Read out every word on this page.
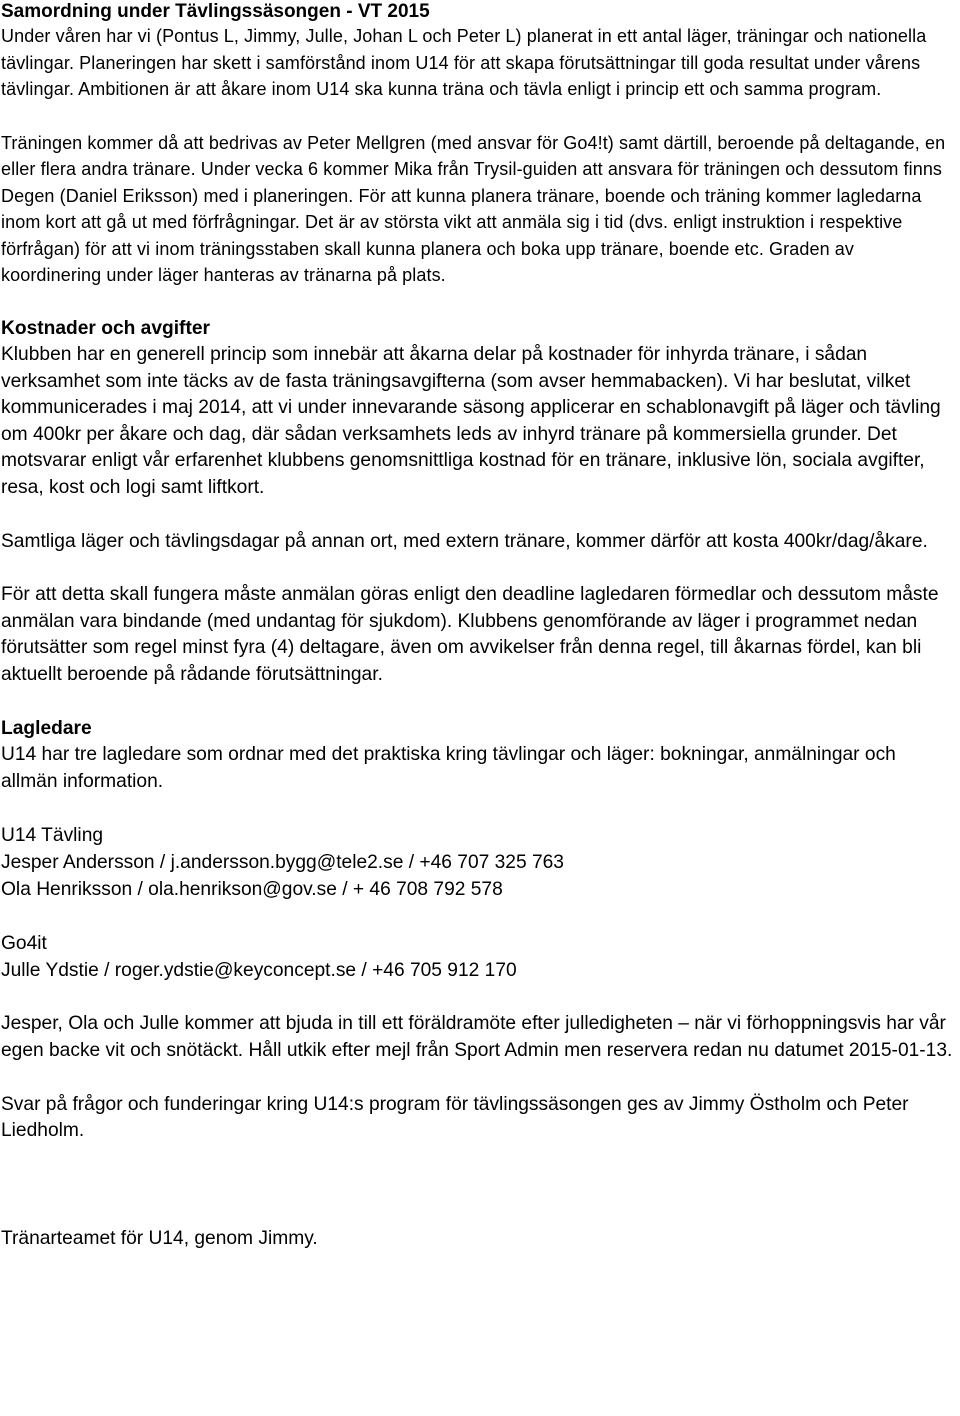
Samordning under Tävlingssäsongen - VT 2015

Under våren har vi (Pontus L, Jimmy, Julle, Johan L och Peter L) planerat in ett antal läger, träningar och nationella tävlingar. Planeringen har skett i samförstånd inom U14 för att skapa förutsättningar till goda resultat under vårens tävlingar. Ambitionen är att åkare inom U14 ska kunna träna och tävla enligt i princip ett och samma program.

Träningen kommer då att bedrivas av Peter Mellgren (med ansvar för Go4!t) samt därtill, beroende på deltagande, en eller flera andra tränare. Under vecka 6 kommer Mika från Trysil-guiden att ansvara för träningen och dessutom finns Degen (Daniel Eriksson) med i planeringen. För att kunna planera tränare, boende och träning kommer lagledarna inom kort att gå ut med förfrågningar. Det är av största vikt att anmäla sig i tid (dvs. enligt instruktion i respektive förfrågan) för att vi inom träningsstaben skall kunna planera och boka upp tränare, boende etc. Graden av koordinering under läger hanteras av tränarna på plats.

Kostnader och avgifter

Klubben har en generell princip som innebär att åkarna delar på kostnader för inhyrda tränare, i sådan verksamhet som inte täcks av de fasta träningsavgifterna (som avser hemmabacken). Vi har beslutat, vilket kommunicerades i maj 2014, att vi under innevarande säsong applicerar en schablonavgift på läger och tävling om 400kr per åkare och dag, där sådan verksamhets leds av inhyrd tränare på kommersiella grunder. Det motsvarar enligt vår erfarenhet klubbens genomsnittliga kostnad för en tränare, inklusive lön, sociala avgifter, resa, kost och logi samt liftkort.

Samtliga läger och tävlingsdagar på annan ort, med extern tränare, kommer därför att kosta 400kr/dag/åkare.

För att detta skall fungera måste anmälan göras enligt den deadline lagledaren förmedlar och dessutom måste anmälan vara bindande (med undantag för sjukdom). Klubbens genomförande av läger i programmet nedan förutsätter som regel minst fyra (4) deltagare, även om avvikelser från denna regel, till åkarnas fördel, kan bli aktuellt beroende på rådande förutsättningar.

Lagledare

U14 har tre lagledare som ordnar med det praktiska kring tävlingar och läger: bokningar, anmälningar och allmän information.

U14 Tävling

Jesper Andersson / j.andersson.bygg@tele2.se / +46 707 325 763

Ola Henriksson / ola.henrikson@gov.se / + 46 708 792 578

Go4it

Julle Ydstie / roger.ydstie@keyconcept.se / +46 705 912 170

Jesper, Ola och Julle kommer att bjuda in till ett föräldramöte efter julledigheten – när vi förhoppningsvis har vår egen backe vit och snötäckt. Håll utkik efter mejl från Sport Admin men reservera redan nu datumet 2015-01-13.

Svar på frågor och funderingar kring U14:s program för tävlingssäsongen ges av Jimmy Östholm och Peter Liedholm.

Tränarteamet för U14, genom Jimmy.
